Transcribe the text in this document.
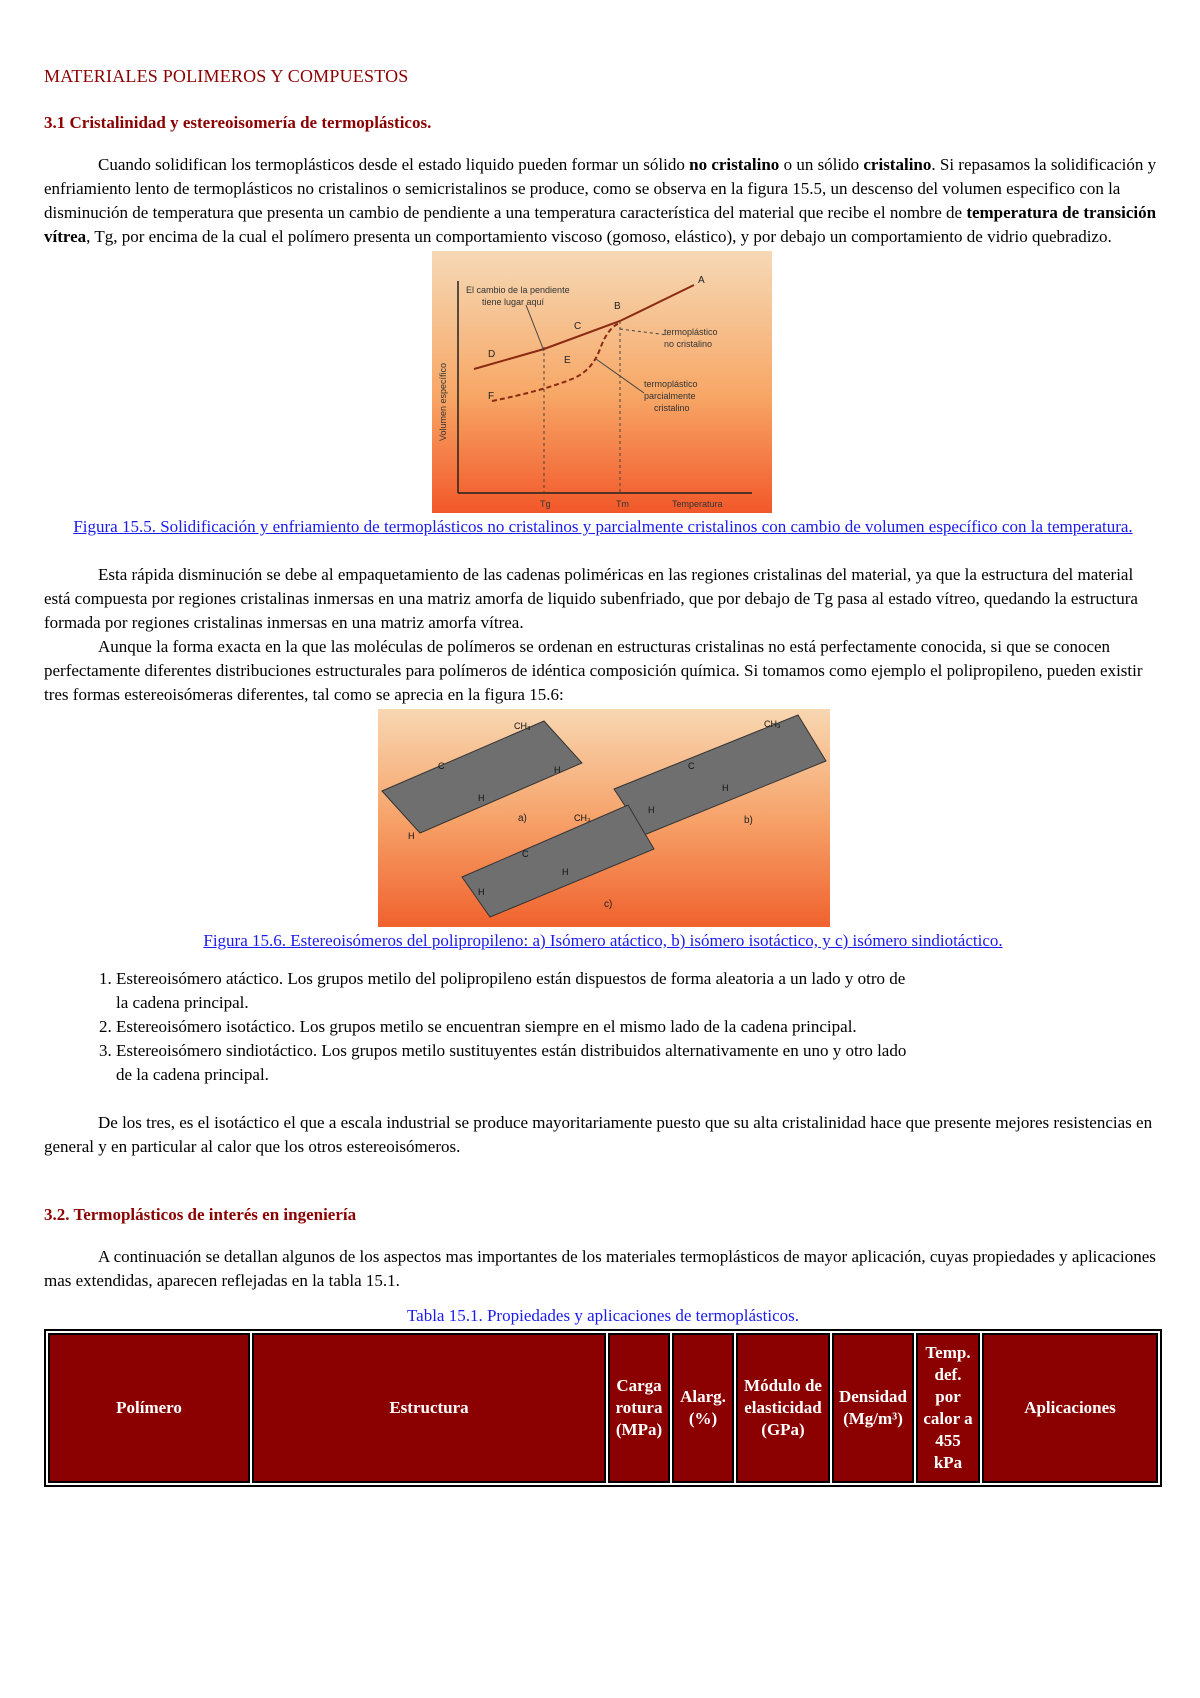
MATERIALES POLIMEROS Y COMPUESTOS
3.1 Cristalinidad y estereoisomería de termoplásticos.

Cuando solidifican los termoplásticos desde el estado liquido pueden formar un sólido no cristalino o un sólido cristalino. Si repasamos la solidificación y enfriamiento lento de termoplásticos no cristalinos o semicristalinos se produce, como se observa en la figura 15.5, un descenso del volumen especifico con la disminución de temperatura que presenta un cambio de pendiente a una temperatura característica del material que recibe el nombre de temperatura de transición vítrea, Tg, por encima de la cual el polímero presenta un comportamiento viscoso (gomoso, elástico), y por debajo un comportamiento de vidrio quebradizo.

Volumen específico
Temperatura
Tg	Tm
A
B
C
D
E
F
El cambio de la pendiente
tiene lugar aquí
termoplástico
no cristalino
termoplástico
parcialmente
cristalino

Figura 15.5. Solidificación y enfriamiento de termoplásticos no cristalinos y parcialmente cristalinos con cambio de volumen específico con la temperatura.

Esta rápida disminución se debe al empaquetamiento de las cadenas poliméricas en las regiones cristalinas del material, ya que la estructura del material está compuesta por regiones cristalinas inmersas en una matriz amorfa de liquido subenfriado, que por debajo de Tg pasa al estado vítreo, quedando la estructura formada por regiones cristalinas inmersas en una matriz amorfa vítrea.

Aunque la forma exacta en la que las moléculas de polímeros se ordenan en estructuras cristalinas no está perfectamente conocida, si que se conocen perfectamente diferentes distribuciones estructurales para polímeros de idéntica composición química. Si tomamos como ejemplo el polipropileno, pueden existir tres formas estereoisómeras diferentes, tal como se aprecia en la figura 15.6:

a)	b)
c)
CH₃
H
H
H
C
CH₃
H
H
C
CH₃
H
H
C

Figura 15.6. Estereoisómeros del polipropileno: a) Isómero atáctico, b) isómero isotáctico, y c) isómero sindiotáctico.

1. Estereoisómero atáctico. Los grupos metilo del polipropileno están dispuestos de forma aleatoria a un lado y otro de la cadena principal.
2. Estereoisómero isotáctico. Los grupos metilo se encuentran siempre en el mismo lado de la cadena principal.
3. Estereoisómero sindiotáctico. Los grupos metilo sustituyentes están distribuidos alternativamente en uno y otro lado de la cadena principal.

De los tres, es el isotáctico el que a escala industrial se produce mayoritariamente puesto que su alta cristalinidad hace que presente mejores resistencias en general y en particular al calor que los otros estereoisómeros.

3.2. Termoplásticos de interés en ingeniería

A continuación se detallan algunos de los aspectos mas importantes de los materiales termoplásticos de mayor aplicación, cuyas propiedades y aplicaciones mas extendidas, aparecen reflejadas en la tabla 15.1.

Tabla 15.1. Propiedades y aplicaciones de termoplásticos.

Polímero	Estructura	Carga rotura (MPa)	Alarg. (%)	Módulo de elasticidad (GPa)	Densidad (Mg/m³)	Temp. def. por calor a 455 kPa	Aplicaciones
